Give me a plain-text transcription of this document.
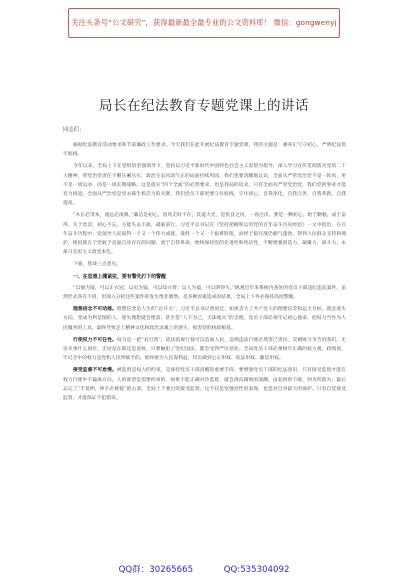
关注头条号“公文研究”，获得最新最全最专业的公文资料库！ 微信：gongwenyj
局长在纪法教育专题党课上的讲话
同志们：

根据纪法教育活动要求和节前廉政工作要求，今天我们在此开展纪法教育专题党课，我的主题是：涵养正气守初心，严明纪法筑牢底线。

今年以来，全局上下在党组的坚强领导下，坚持以习近平新时代中国特色社会主义思想为指导，深入学习宣传贯彻落实党的二十大精神，管党治党责任不断压紧压实，政治生态风清气正的局面持续巩固，我们也要清醒地认识，全面从严管党治党不是一阵风，更不是一项运动，而是一项长期战略。这是落实“四个全面”的必然要求，也是我局的追求。只有全面从严管党治党，我们党的事业才能有力推进。全面从严治党是党永葆生机活力的关键，我们党员干部更要守住底线，守住初心，自我净化，自我完善，自我革新，自我提高。

“木长必茂本，流远必浚源。”廉洁是初心，清风无时不在，其道大光，是优良之风，一再注洋。要是一颗初心，始于勤勉，成于奋得，失于怠忽，初心不忘，方能失去不渝，砥砺前行，习近平总书记在《坚持把握和运用党的百年奋斗历史经验》一文中指出，在百年奋斗历程中，党领导人民取得一个又一个伟大成就，战胜一个又一个艰难险阻，而经于稳百战仍朝气蓬勃，得到人民群众支持和拥护，根因就在于党敢于直面自身存在的问题，勇于自我革命，始终保持党的先进性和纯洁性，不断增强创造力、凝聚力、战斗力，永葆马克思主义政党本色。

下面，我谈三点意见。

一、在思想上绷紧弦，要有警先打下的警醒

“以铜为镜，可以正衣冠；以史为镜，可以知兴替；以人为镜，可以明得失。”纵观近年来系统内查处的党员干部违纪违法案件，虽然形式各有不同，但深入分析这些案件的发生绝非偶然，是多种因素造成的结果，全局上下务必保持高度警醒。

理想信念不可动摇。理想信念是人生的“总开关”，习近平总书记曾说过，如果丢失了共产党人的理想信念和远大目标，就会迷失方向，变成为利是图的人，迷失理想就会堕落；甚至是“人不为己，天诛地灭”的歪理。党员干部必须牢记初心使命，把权力当作为人民服务的工具，最终导致走上精神文化和政治灵魂上的迷失，损害党的执政根基。

行使权力不可任性。权力是一把“双刃剑”，依法依规行使可以造福人民，违规违法行使必然害己害民。反腐败斗争告诉我们，无论从事什么岗位，无论是在职还是退休，只要触犯了党纪国法，都会受到严厉惩处。全局党员干部必须树牢正确的权力观、政绩观，牢记手中的权力是党和人民所赋予的，始终要为人民谋利益，切实做到公正用权、依法用权、廉洁用权。

接受监督不可怠慢。被监督是权力的约束，是保持党员干部清醒的重要手段。要增强党员干部的纪法意识，只有接受监督才能在权力行使中不偏离方向。人的欲望是需要约束的，如果不能正确对待监督，就会滑向腐败的深渊。由起初的不敢，到为所欲为，最后忘记了“手莫伸，伸手必被捉”的古训。全局上下要自觉接受监督，这不仅是坚强党性的表现，也是对自身最大的保护。只有自觉接受监督，才能保证不犯错误。

QQ群：30265665	QQ:535304092
